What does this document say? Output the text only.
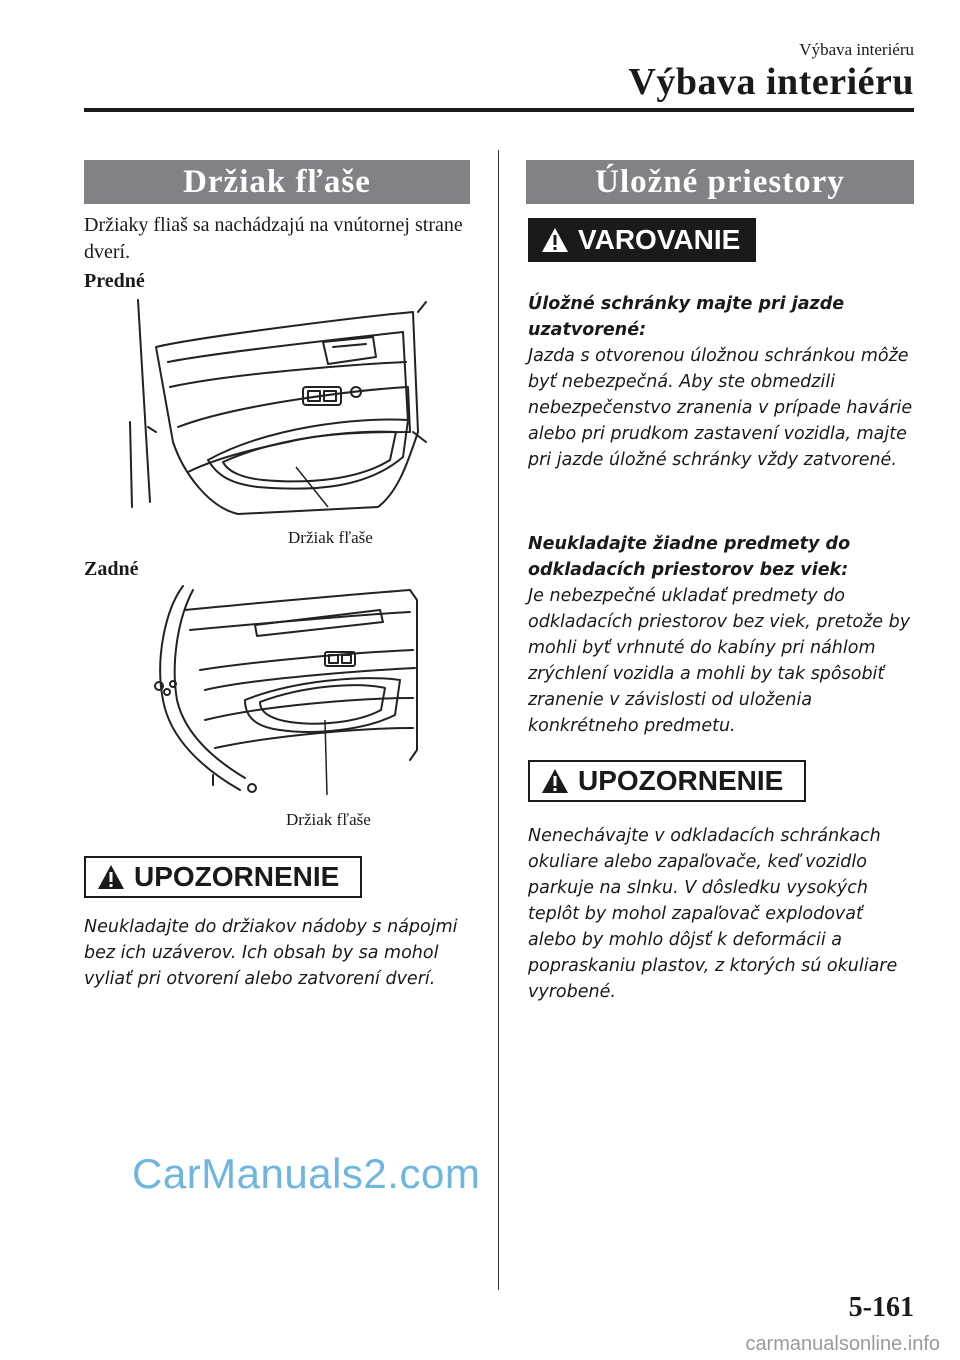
Výbava interiéru
Výbava interiéru
Držiak fľaše
Držiaky fliaš sa nachádzajú na vnútornej strane dverí.
Predné
Držiak fľaše
Zadné
Držiak fľaše
UPOZORNENIE
Neukladajte do držiakov nádoby s nápojmi bez ich uzáverov. Ich obsah by sa mohol vyliať pri otvorení alebo zatvorení dverí.
Úložné priestory
VAROVANIE
Úložné schránky majte pri jazde uzatvorené:
Jazda s otvorenou úložnou schránkou môže byť nebezpečná. Aby ste obmedzili nebezpečenstvo zranenia v prípade havárie alebo pri prudkom zastavení vozidla, majte pri jazde úložné schránky vždy zatvorené.
Neukladajte žiadne predmety do odkladacích priestorov bez viek:
Je nebezpečné ukladať predmety do odkladacích priestorov bez viek, pretože by mohli byť vrhnuté do kabíny pri náhlom zrýchlení vozidla a mohli by tak spôsobiť zranenie v závislosti od uloženia konkrétneho predmetu.
UPOZORNENIE
Nenechávajte v odkladacích schránkach okuliare alebo zapaľovače, keď vozidlo parkuje na slnku. V dôsledku vysokých teplôt by mohol zapaľovač explodovať alebo by mohlo dôjsť k deformácii a popraskaniu plastov, z ktorých sú okuliare vyrobené.
CarManuals2.com
5-161
carmanualsonline.info
